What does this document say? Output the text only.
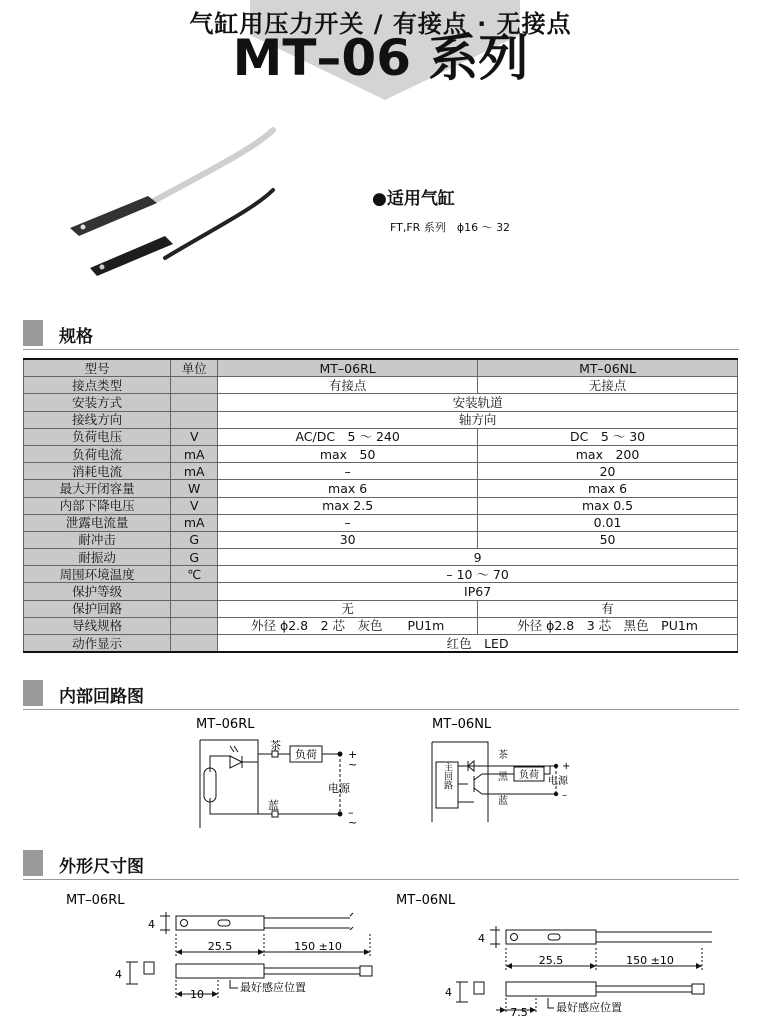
气缸用压力开关 / 有接点 · 无接点
MT–06 系列
●适用气缸
FT,FR 系列　ϕ16 ～ 32
规格
型号	单位	MT–06RL	MT–06NL
接点类型		有接点	无接点
安装方式		安装轨道	
接线方向		轴方向	
负荷电压	V	AC/DC　5 ～ 240	DC　5 ～ 30
负荷电流	mA	max　50	max　200
消耗电流	mA	–	20
最大开闭容量	W	max 6	max 6
内部下降电压	V	max 2.5	max 0.5
泄露电流量	mA	–	0.01
耐冲击	G	30	50
耐振动	G	9	
周围环境温度	℃	– 10 ～ 70	
保护等级		IP67	
保护回路		无	有
导线规格		外径 ϕ2.8　2 芯　灰色　　PU1m	外径 ϕ2.8　3 芯　黑色　PU1m
动作显示		红色　LED	
内部回路图
MT–06RL
茶
蓝
负荷	+
~
电源
–
~
MT–06NL
主回路
茶
黑
蓝
负荷
+
电源
–
外形尺寸图
MT–06RL
4
25.5	150 ±10
4
10
最好感应位置
MT–06NL
4
25.5	150 ±10
4
7.5	最好感应位置
